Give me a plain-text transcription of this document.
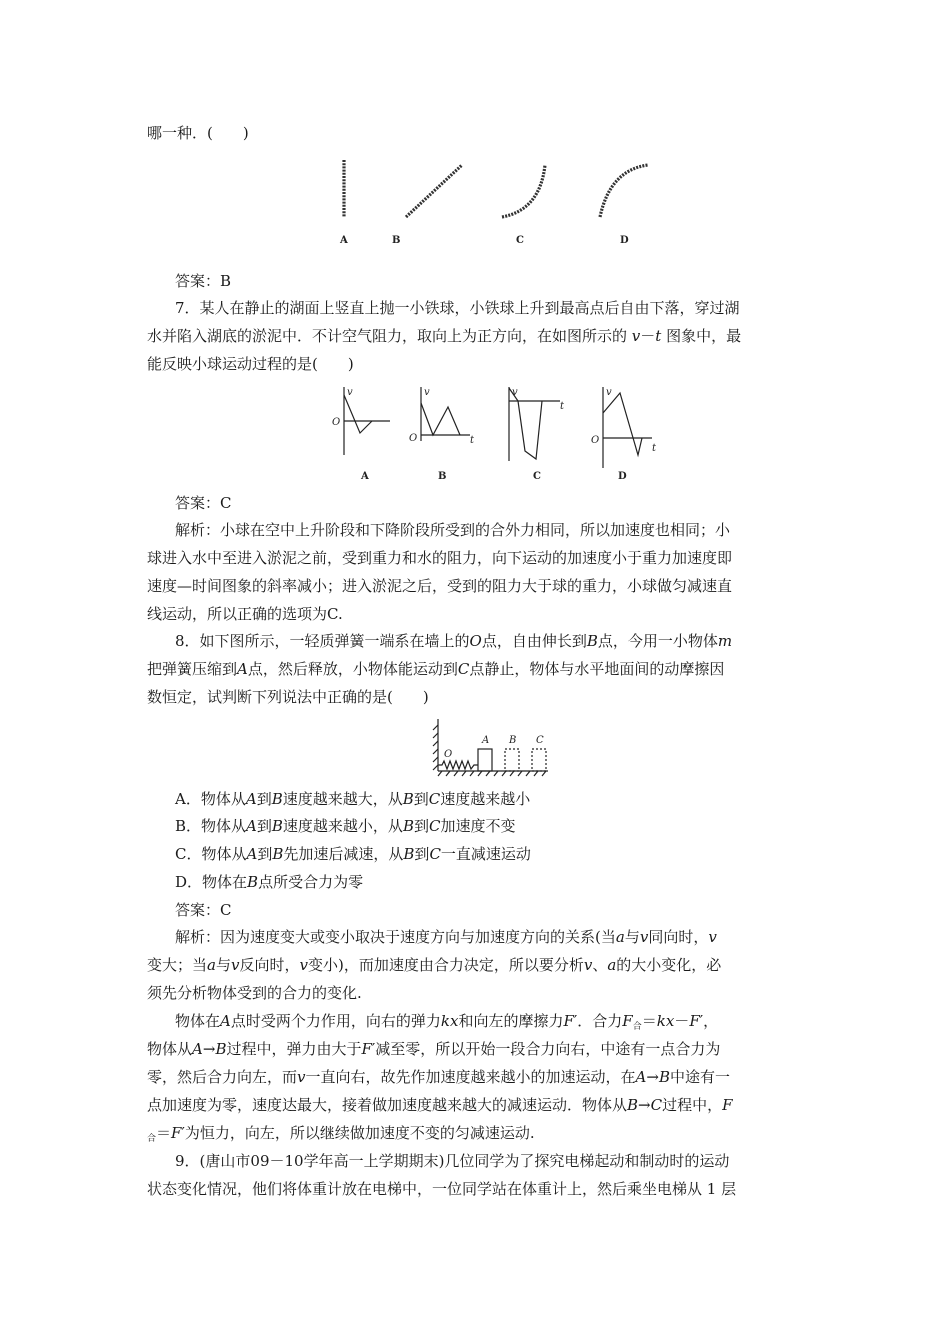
哪一种．(　　)
A	B	C	D
答案：B
7．某人在静止的湖面上竖直上抛一小铁球，小铁球上升到最高点后自由下落，穿过湖
水并陷入湖底的淤泥中．不计空气阻力，取向上为正方向，在如图所示的 v－t 图象中，最
能反映小球运动过程的是(　　)
v
O
v
O	t
v
t
v
O
t
A	B	C	D
答案：C
解析：小球在空中上升阶段和下降阶段所受到的合外力相同，所以加速度也相同；小
球进入水中至进入淤泥之前，受到重力和水的阻力，向下运动的加速度小于重力加速度即
速度—时间图象的斜率减小；进入淤泥之后，受到的阻力大于球的重力，小球做匀减速直
线运动，所以正确的选项为C.
8．如下图所示，一轻质弹簧一端系在墙上的O点，自由伸长到B点，今用一小物体m
把弹簧压缩到A点，然后释放，小物体能运动到C点静止，物体与水平地面间的动摩擦因
数恒定，试判断下列说法中正确的是(　　)
O
A B C
A．物体从A到B速度越来越大，从B到C速度越来越小
B．物体从A到B速度越来越小，从B到C加速度不变
C．物体从A到B先加速后减速，从B到C一直减速运动
D．物体在B点所受合力为零
答案：C
解析：因为速度变大或变小取决于速度方向与加速度方向的关系(当a与v同向时，v
变大；当a与v反向时，v变小)，而加速度由合力决定，所以要分析v、a的大小变化，必
须先分析物体受到的合力的变化.
物体在A点时受两个力作用，向右的弹力kx和向左的摩擦力F′．合力$F_合=kx-F'$，
物体从A→B过程中，弹力由大于F′减至零，所以开始一段合力向右，中途有一点合力为
零，然后合力向左，而v一直向右，故先作加速度越来越小的加速运动，在A→B中途有一
点加速度为零，速度达最大，接着做加速度越来越大的减速运动．物体从B→C过程中，F
$_合$＝F′为恒力，向左，所以继续做加速度不变的匀减速运动.
9．(唐山市09－10学年高一上学期期末)几位同学为了探究电梯起动和制动时的运动
状态变化情况，他们将体重计放在电梯中，一位同学站在体重计上，然后乘坐电梯从 1 层
